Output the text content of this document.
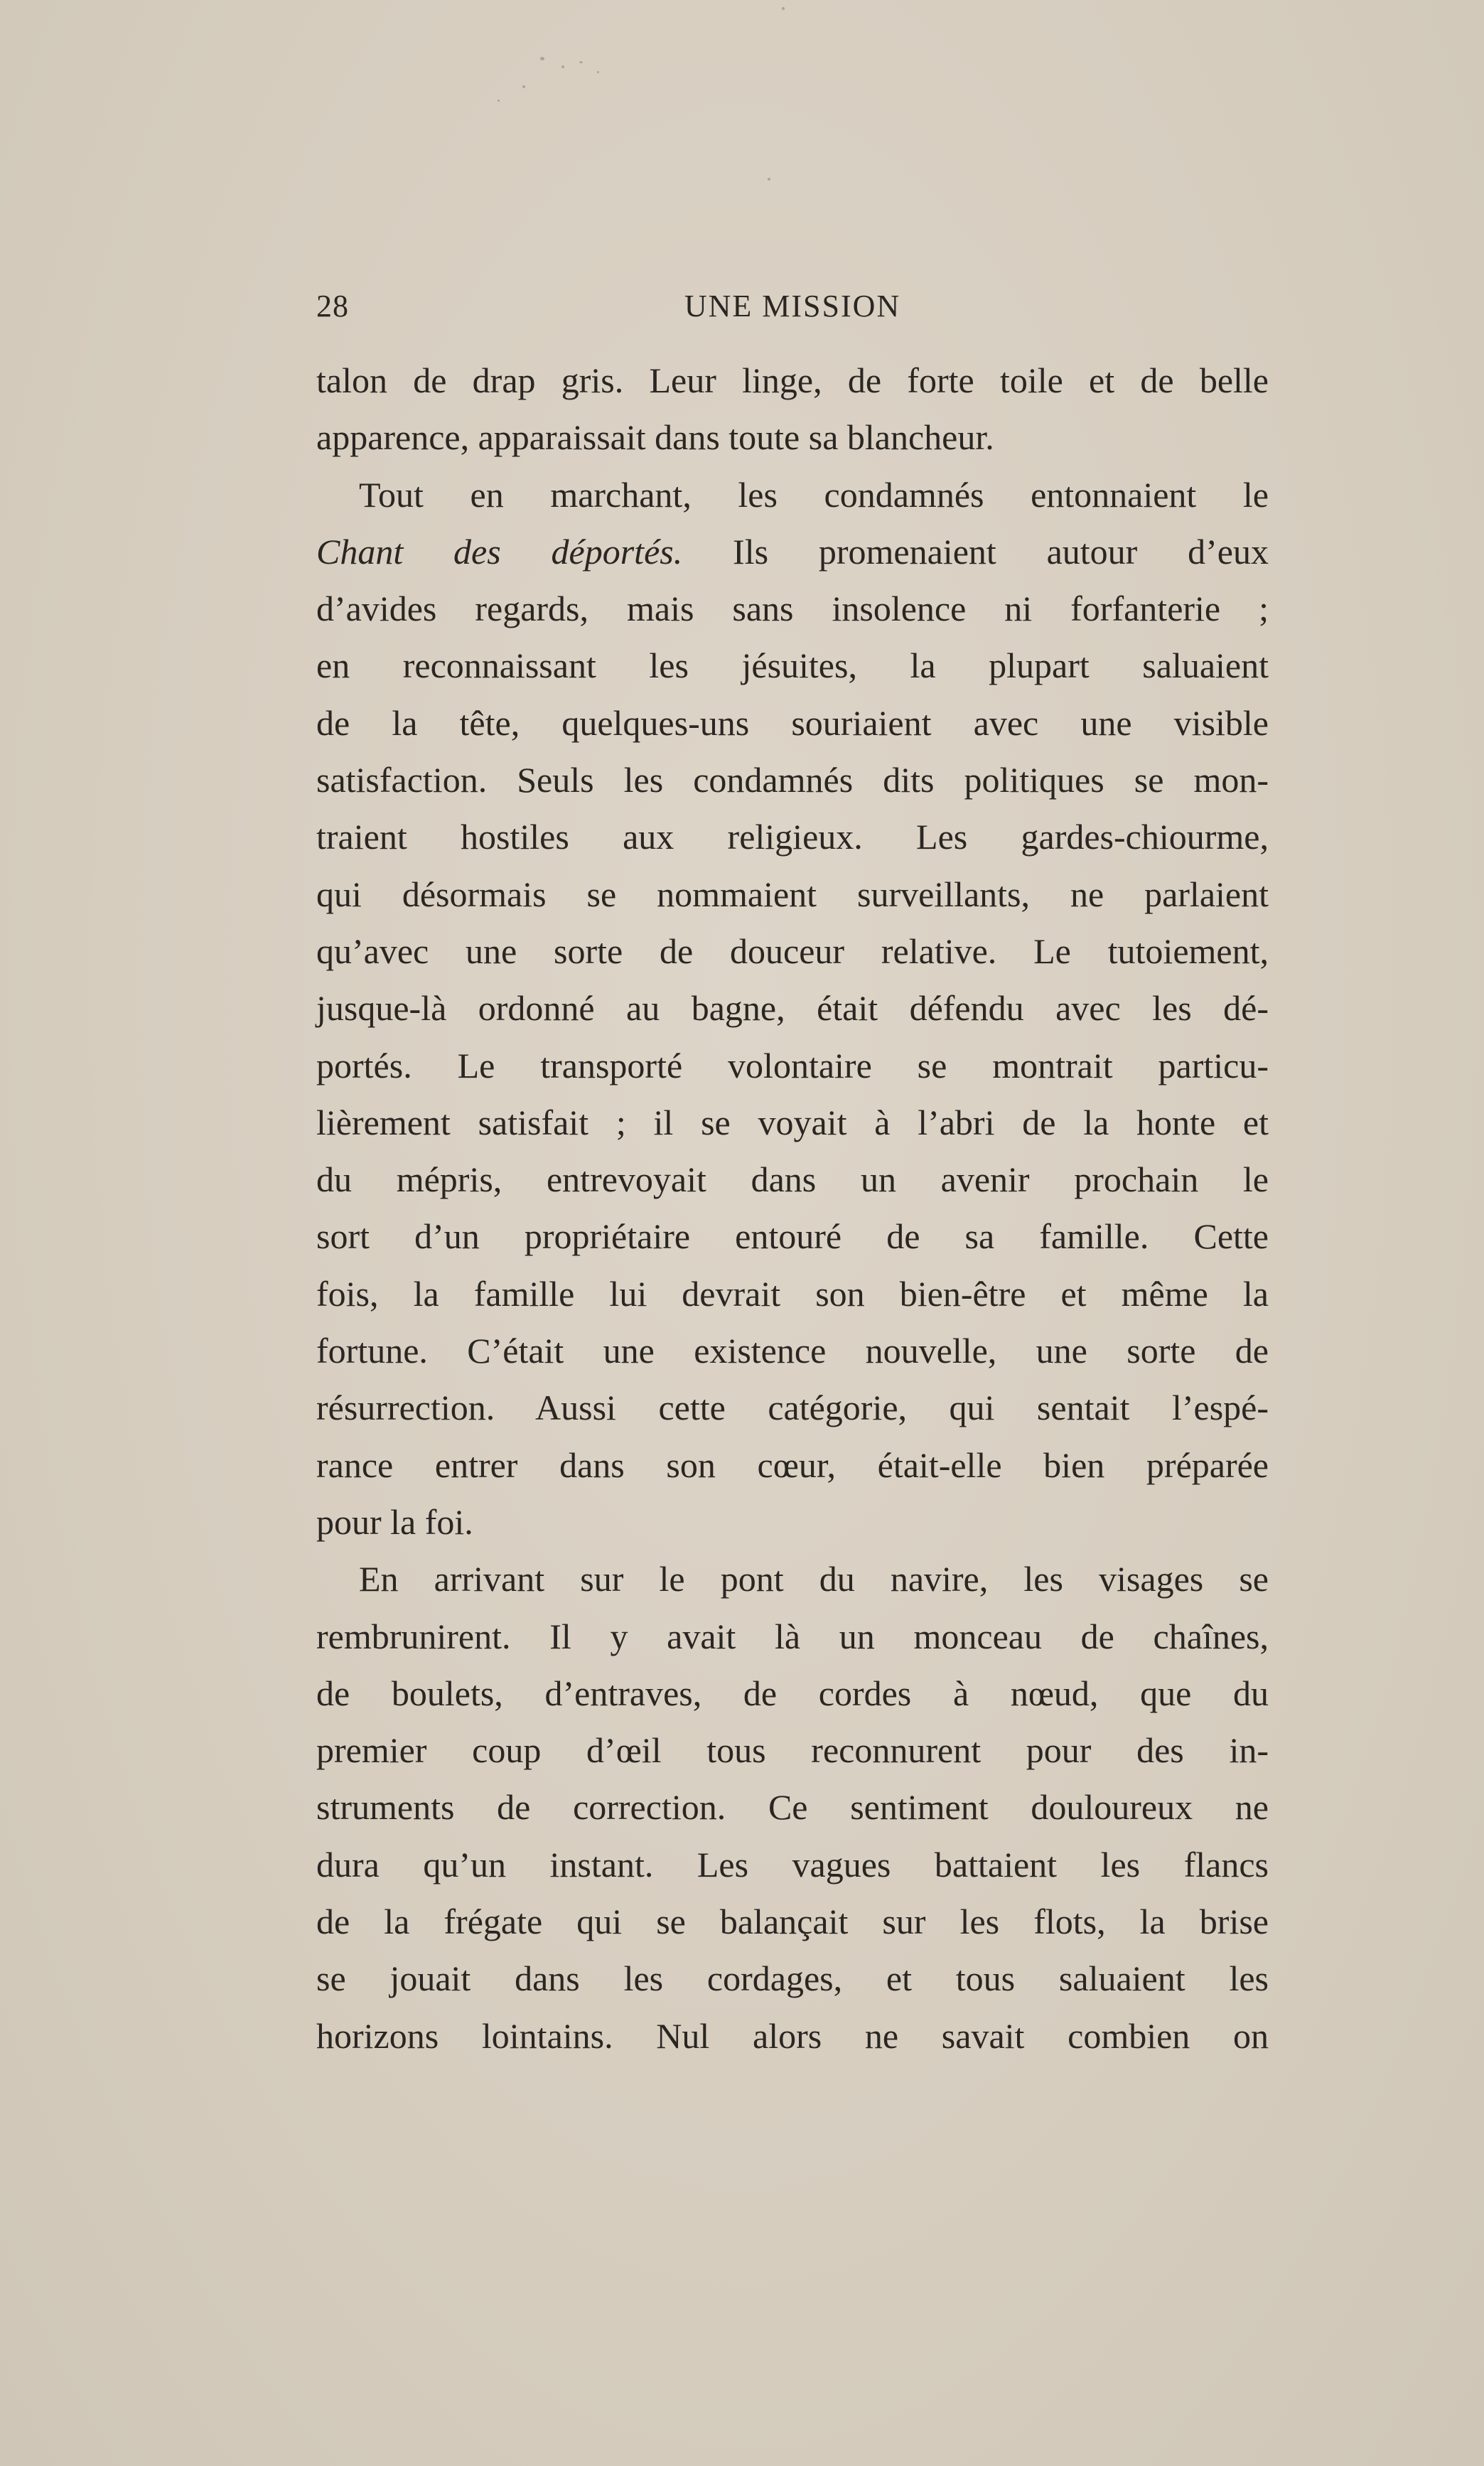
28	UNE MISSION
talon de drap gris. Leur linge, de forte toile et de belle
apparence, apparaissait dans toute sa blancheur.
Tout en marchant, les condamnés entonnaient le
Chant des déportés. Ils promenaient autour d’eux
d’avides regards, mais sans insolence ni forfanterie ;
en reconnaissant les jésuites, la plupart saluaient
de la tête, quelques-uns souriaient avec une visible
satisfaction. Seuls les condamnés dits politiques se mon-
traient hostiles aux religieux. Les gardes-chiourme,
qui désormais se nommaient surveillants, ne parlaient
qu’avec une sorte de douceur relative. Le tutoiement,
jusque-là ordonné au bagne, était défendu avec les dé-
portés. Le transporté volontaire se montrait particu-
lièrement satisfait ; il se voyait à l’abri de la honte et
du mépris, entrevoyait dans un avenir prochain le
sort d’un propriétaire entouré de sa famille. Cette
fois, la famille lui devrait son bien-être et même la
fortune. C’était une existence nouvelle, une sorte de
résurrection. Aussi cette catégorie, qui sentait l’espé-
rance entrer dans son cœur, était-elle bien préparée
pour la foi.
En arrivant sur le pont du navire, les visages se
rembrunirent. Il y avait là un monceau de chaînes,
de boulets, d’entraves, de cordes à nœud, que du
premier coup d’œil tous reconnurent pour des in-
struments de correction. Ce sentiment douloureux ne
dura qu’un instant. Les vagues battaient les flancs
de la frégate qui se balançait sur les flots, la brise
se jouait dans les cordages, et tous saluaient les
horizons lointains. Nul alors ne savait combien on
